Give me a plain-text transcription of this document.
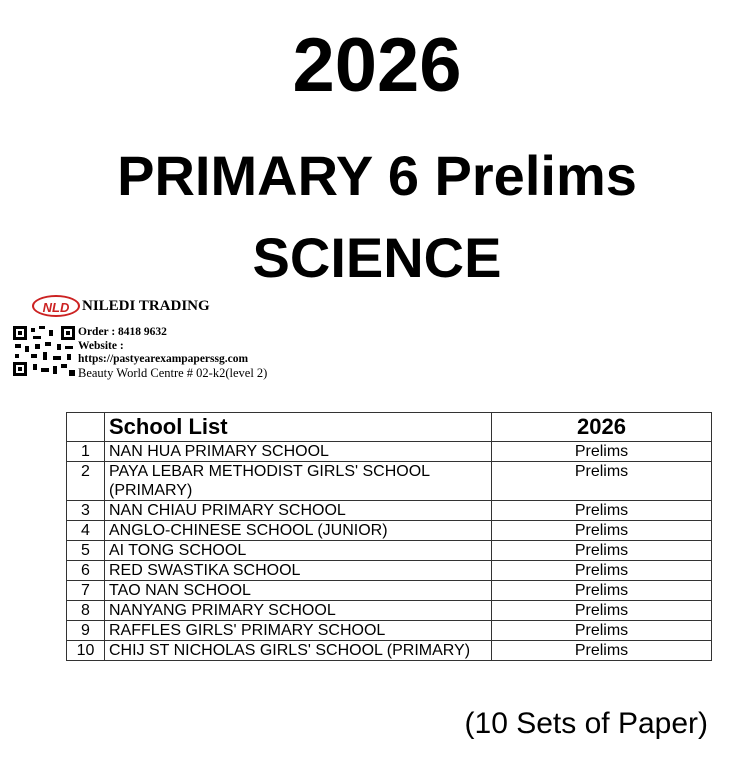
2026
PRIMARY 6 Prelims
SCIENCE
NLD NILEDI TRADING
Order : 8418 9632
Website :
https://pastyearexampaperssg.com
Beauty World Centre # 02-k2(level 2)
	School List	2026
1	NAN HUA PRIMARY SCHOOL	Prelims
2	PAYA LEBAR METHODIST GIRLS' SCHOOL (PRIMARY)	Prelims
3	NAN CHIAU PRIMARY SCHOOL	Prelims
4	ANGLO-CHINESE SCHOOL (JUNIOR)	Prelims
5	AI TONG SCHOOL	Prelims
6	RED SWASTIKA SCHOOL	Prelims
7	TAO NAN SCHOOL	Prelims
8	NANYANG PRIMARY SCHOOL	Prelims
9	RAFFLES GIRLS' PRIMARY SCHOOL	Prelims
10	CHIJ ST NICHOLAS GIRLS' SCHOOL (PRIMARY)	Prelims
(10 Sets of Paper)
